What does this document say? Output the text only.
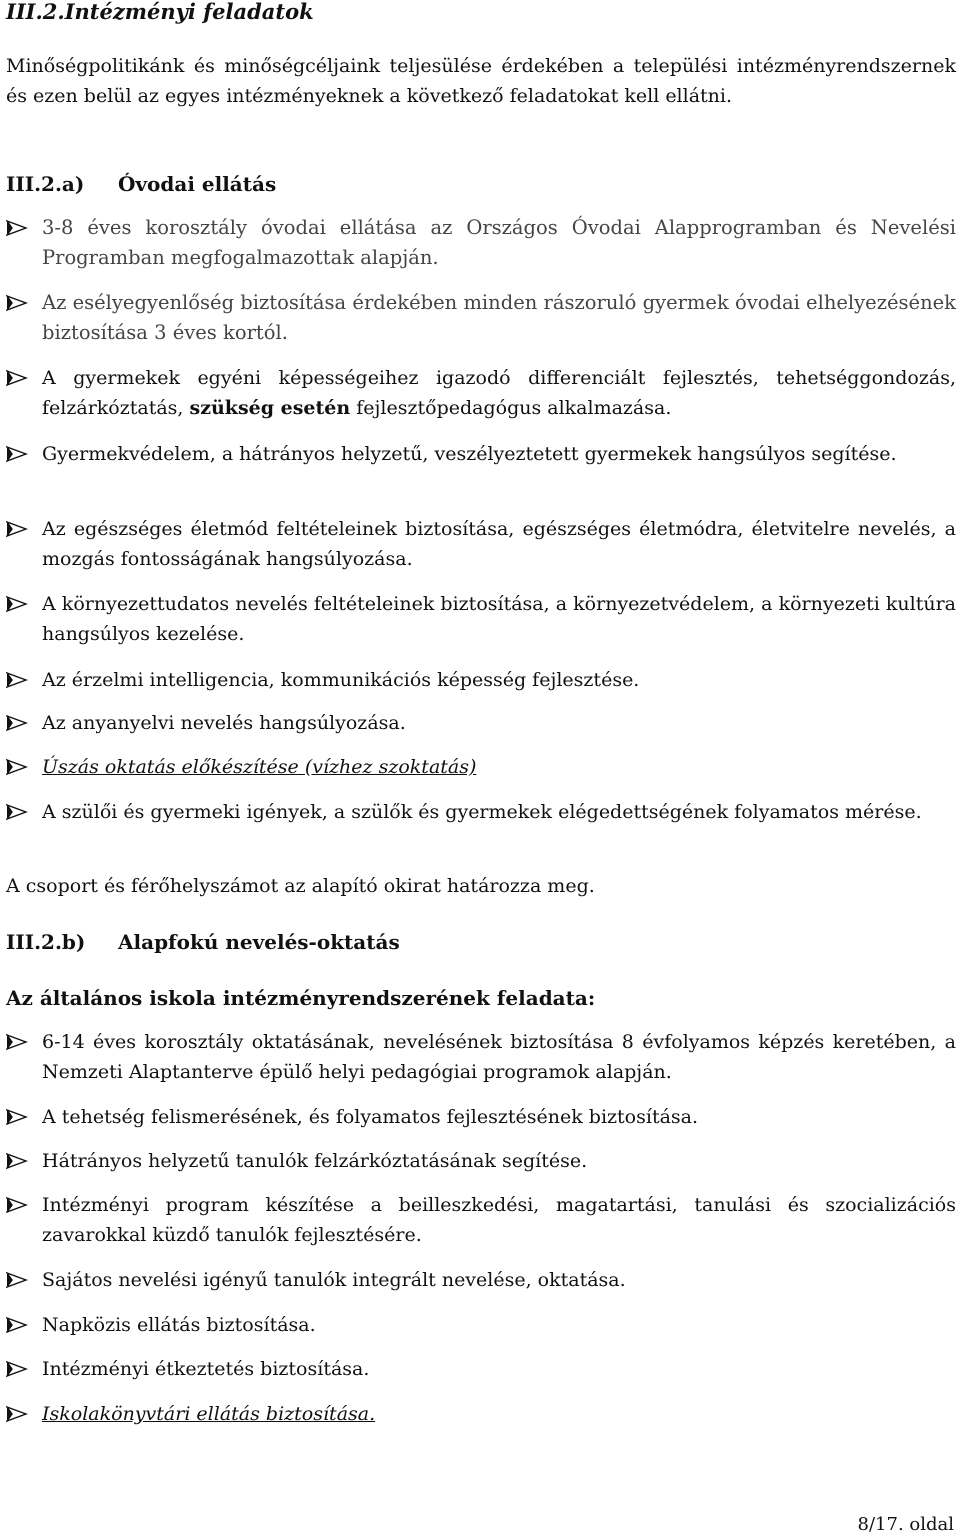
III.2.Intézményi feladatok
Minőségpolitikánk és minőségcéljaink teljesülése érdekében a települési intézményrendszernek és ezen belül az egyes intézményeknek a következő feladatokat kell ellátni.
III.2.a) Óvodai ellátás
3-8 éves korosztály óvodai ellátása az Országos Óvodai Alapprogramban és Nevelési Programban megfogalmazottak alapján.
Az esélyegyenlőség biztosítása érdekében minden rászoruló gyermek óvodai elhelyezésének biztosítása 3 éves kortól.
A gyermekek egyéni képességeihez igazodó differenciált fejlesztés, tehetséggondozás, felzárkóztatás, szükség esetén fejlesztőpedagógus alkalmazása.
Gyermekvédelem, a hátrányos helyzetű, veszélyeztetett gyermekek hangsúlyos segítése.
Az egészséges életmód feltételeinek biztosítása, egészséges életmódra, életvitelre nevelés, a mozgás fontosságának hangsúlyozása.
A környezettudatos nevelés feltételeinek biztosítása, a környezetvédelem, a környezeti kultúra hangsúlyos kezelése.
Az érzelmi intelligencia, kommunikációs képesség fejlesztése.
Az anyanyelvi nevelés hangsúlyozása.
Úszás oktatás előkészítése (vízhez szoktatás)
A szülői és gyermeki igények, a szülők és gyermekek elégedettségének folyamatos mérése.
A csoport és férőhelyszámot az alapító okirat határozza meg.
III.2.b) Alapfokú nevelés-oktatás
Az általános iskola intézményrendszerének feladata:
6-14 éves korosztály oktatásának, nevelésének biztosítása 8 évfolyamos képzés keretében, a Nemzeti Alaptanterve épülő helyi pedagógiai programok alapján.
A tehetség felismerésének, és folyamatos fejlesztésének biztosítása.
Hátrányos helyzetű tanulók felzárkóztatásának segítése.
Intézményi program készítése a beilleszkedési, magatartási, tanulási és szocializációs zavarokkal küzdő tanulók fejlesztésére.
Sajátos nevelési igényű tanulók integrált nevelése, oktatása.
Napközis ellátás biztosítása.
Intézményi étkeztetés biztosítása.
Iskolakönyvtári ellátás biztosítása.
8/17. oldal
